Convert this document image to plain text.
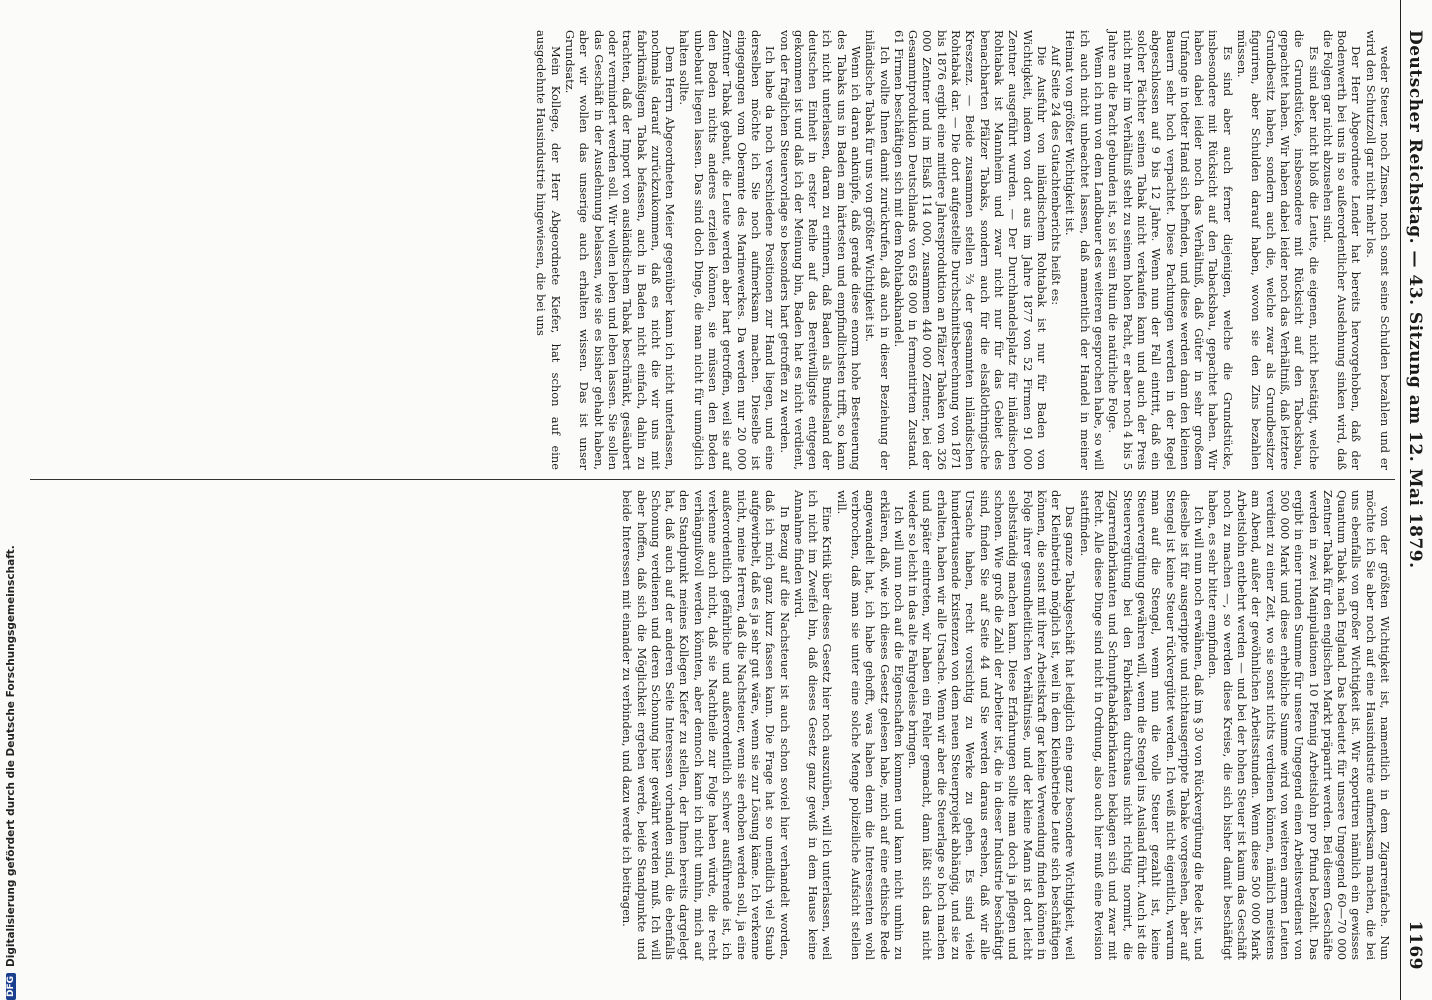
Deutscher Reichstag. — 43. Sitzung am 12. Mai 1879.
1169

weder Steuer, noch Zinsen, noch sonst seine Schulden bezahlen und er wird den Schutzzoll gar nicht mehr los.

Der Herr Abgeordnete Lender hat bereits hervorgehoben, daß der Bodenwerth bei uns in so außerordentlicher Ausdehnung sinken wird, daß die Folgen gar nicht abzusehen sind.

Es sind aber nicht bloß die Leute, die eigenen, nicht bestätigt, welche die Grundstücke, insbesondere mit Rücksicht auf den Tabacksbau, gepachtet haben. Wir haben dabei leider noch das Verhältniß, daß letztere Grundbesitz haben, sondern auch die, welche zwar als Grundbesitzer figuriren, aber Schulden darauf haben, wovon sie den Zins bezahlen müssen.

Es sind aber auch ferner diejenigen, welche die Grundstücke, insbesondere mit Rücksicht auf den Tabacksbau, gepachtet haben. Wir haben dabei leider noch das Verhältniß, daß Güter in sehr großem Umfange in todter Hand sich befinden, und diese werden dann den kleinen Bauern sehr hoch verpachtet. Diese Pachtungen werden in der Regel abgeschlossen auf 9 bis 12 Jahre. Wenn nun der Fall eintritt, daß ein solcher Pächter seinen Tabak nicht verkaufen kann und auch der Preis nicht mehr im Verhältniß steht zu seinem hohen Pacht, er aber noch 4 bis 5 Jahre an die Pacht gebunden ist, so ist sein Ruin die natürliche Folge.

Wenn ich nun von dem Landbauer des weiteren gesprochen habe, so will ich auch nicht unbeachtet lassen, daß namentlich der Handel in meiner Heimat von größter Wichtigkeit ist.

Auf Seite 24 des Gutachtenberichts heißt es:

Die Ausfuhr von inländischem Rohtabak ist nur für Baden von Wichtigkeit, indem von dort aus im Jahre 1877 von 52 Firmen 91 000 Zentner ausgeführt wurden. — Der Durchhandelsplatz für inländischen Rohtabak ist Mannheim und zwar nicht nur für das Gebiet des benachbarten Pfälzer Tabaks, sondern auch für die elsaßlothringische Kreszenz. — Beide zusammen stellen ⅔ der gesammten inländischen Rohtabak dar. — Die dort aufgestellte Durchschnittsberechnung von 1871 bis 1876 ergibt eine mittlere Jahresproduktion an Pfälzer Tabaken von 326 000 Zentner und im Elsaß 114 000, zusammen 440 000 Zentner, bei der Gesammtproduktion Deutschlands von 658 000 in fermentirtem Zustand. 61 Firmen beschäftigen sich mit dem Rohtabakhandel.

Ich wollte Ihnen damit zurückrufen, daß auch in dieser Beziehung der inländische Tabak für uns von größter Wichtigkeit ist.

Wenn ich daran anknüpfe, daß gerade diese enorm hohe Besteuerung des Tabaks uns in Baden am härtesten und empfindlichsten trifft, so kann ich nicht unterlassen, daran zu erinnern, daß Baden als Bundesland der deutschen Einheit in erster Reihe auf das Bereitwilligste entgegen gekommen ist und daß ich der Meinung bin, Baden hat es nicht verdient, von der fraglichen Steuervorlage so besonders hart getroffen zu werden.

Ich habe da noch verschiedene Positionen zur Hand liegen, und eine derselben möchte ich Sie noch aufmerksam machen. Dieselbe ist eingegangen vom Oberamte des Marinewerkes. Da werden nur 20 000 Zentner Tabak gebaut, die Leute werden aber hart getroffen, weil sie auf den Boden nichts anderes erzielen können, sie müssen den Boden unbebaut liegen lassen. Das sind doch Dinge, die man nicht für unmöglich halten sollte.

Dem Herrn Abgeordneten Meier gegenüber kann ich nicht unterlassen, nochmals darauf zurückzukommen, daß es nicht die wir uns mit fabrikmäßigem Tabak befassen, auch in Baden nicht einfach, dahin zu trachten, daß der Import von ausländischem Tabak beschränkt, gesäubert oder vermindert werden soll. Wir wollen leben und leben lassen. Sie sollen das Geschäft in der Ausdehnung belassen, wie sie es bisher gehabt haben, aber wir wollen das unserige auch erhalten wissen. Das ist unser Grundsatz.

Mein Kollege, der Herr Abgeordnete Kiefer, hat schon auf eine ausgedehnte Hausindustrie hingewiesen, die bei uns

von der größten Wichtigkeit ist, namentlich in dem Zigarrenfache. Nun möchte ich Sie aber noch auf eine Hausindustrie aufmerksam machen, die bei uns ebenfalls von großer Wichtigkeit ist. Wir exportiren nämlich ein gewisses Quantum Tabak nach England. Das bedeutet für unsere Umgegend 60—70 000 Zentner Tabak für den englischen Markt präparirt werden. Bei diesem Geschäfte werden in zwei Manipulationen 10 Pfennig Arbeitslohn pro Pfund bezahlt. Das ergibt in einer runden Summe für unsere Umgegend einen Arbeitsverdienst von 500 000 Mark und diese erhebliche Summe wird von weiteren armen Leuten verdient zu einer Zeit, wo sie sonst nichts verdienen können, nämlich meistens am Abend, außer der gewöhnlichen Arbeitsstunden. Wenn diese 500 000 Mark Arbeitslohn entbehrt werden — und bei der hohen Steuer ist kaum das Geschäft noch zu machen —, so werden diese Kreise, die sich bisher damit beschäftigt haben, es sehr bitter empfinden.

Ich will nun noch erwähnen, daß im § 30 von Rückvergütung die Rede ist, und dieselbe ist für ausgerippte und nichtausgerippte Tabake vorgesehen, aber auf Stengel ist keine Steuer rückvergütet werden. Ich weiß nicht eigentlich, warum man auf die Stengel, wenn nun die volle Steuer gezahlt ist, keine Steuervergütung gewähren will, wenn die Stengel ins Ausland führt. Auch ist die Steuervergütung bei den Fabrikaten durchaus nicht richtig normirt, die Zigarrenfabrikanten und Schnupftabakfabrikanten beklagen sich und zwar mit Recht. Alle diese Dinge sind nicht in Ordnung, also auch hier muß eine Revision stattfinden.

Das ganze Tabakgeschäft hat lediglich eine ganz besondere Wichtigkeit, weil der Kleinbetrieb möglich ist, weil in dem Kleinbetriebe Leute sich beschäftigen können, die sonst mit ihrer Arbeitskraft gar keine Verwendung finden können in Folge ihrer gesundheitlichen Verhältnisse, und der kleine Mann ist dort leicht selbstständig machen kann. Diese Erfahrungen sollte man doch ja pflegen und schonen. Wie groß die Zahl der Arbeiter ist, die in dieser Industrie beschäftigt sind, finden Sie auf Seite 44 und Sie werden daraus ersehen, daß wir alle Ursache haben, recht vorsichtig zu Werke zu gehen. Es sind viele hunderttausende Existenzen von dem neuen Steuerprojekt abhängig, und sie zu erhalten, haben wir alle Ursache. Wenn wir aber die Steuerlage so hoch machen und später eintreten, wir haben ein Fehler gemacht, dann läßt sich das nicht wieder so leicht in das alte Fahrgeleise bringen.

Ich will nun noch auf die Eigenschaften kommen und kann nicht umhin zu erklären, daß, wie ich dieses Gesetz gelesen habe, mich auf eine ethische Rede angewandelt hat, ich habe gehofft, was haben denn die Interessenten wohl verbrochen, daß man sie unter eine solche Menge polizeiliche Aufsicht stellen will.

Eine Kritik über dieses Gesetz hier noch auszuüben, will ich unterlassen, weil ich nicht im Zweifel bin, daß dieses Gesetz ganz gewiß in dem Hause keine Annahme finden wird.

In Bezug auf die Nachsteuer ist auch schon soviel hier verhandelt worden, daß ich mich ganz kurz fassen kann. Die Frage hat so unendlich viel Staub aufgewirbelt, daß es ja sehr gut wäre, wenn sie zur Lösung käme. Ich verkenne nicht, meine Herren, daß die Nachsteuer, wenn sie erhoben werden soll, ja eine außerordentlich gefährliche und außerordentlich schwer ausführende ist, ich verkenne auch nicht, daß sie Nachtheile zur Folge haben würde, die recht verhängnißvoll werden könnten, aber dennoch kann ich nicht umhin, mich auf den Standpunkt meines Kollegen Kiefer zu stellen, der Ihnen bereits dargelegt hat, daß auch auf der anderen Seite Interessen vorhanden sind, die ebenfalls Schonung verdienen und deren Schonung hier gewährt werden muß. Ich will aber hoffen, daß sich die Möglichkeit ergeben werde, beide Standpunkte und beide Interessen mit einander zu verbinden, und dazu werde ich beitragen.

DFG
Digitalisierung gefördert durch die Deutsche Forschungsgemeinschaft.
